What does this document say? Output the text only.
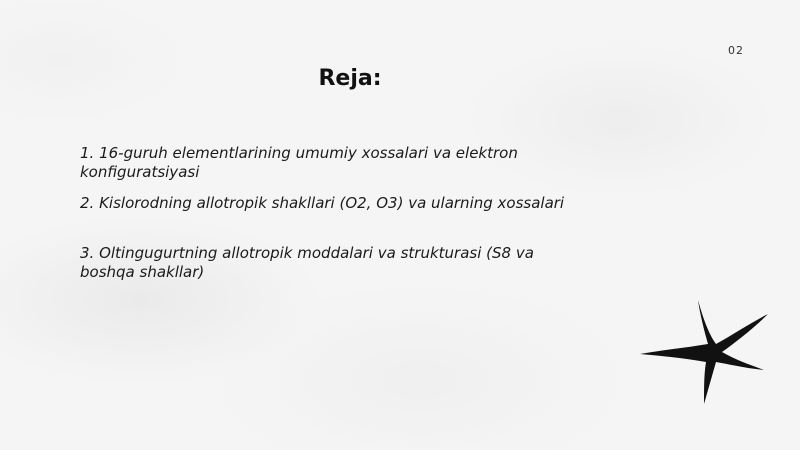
02
Reja:
1. 16-guruh elementlarining umumiy xossalari va elektron konfiguratsiyasi
2. Kislorodning allotropik shakllari (O2, O3) va ularning xossalari
3. Oltingugurtning allotropik moddalari va strukturasi (S8 va boshqa shakllar)
